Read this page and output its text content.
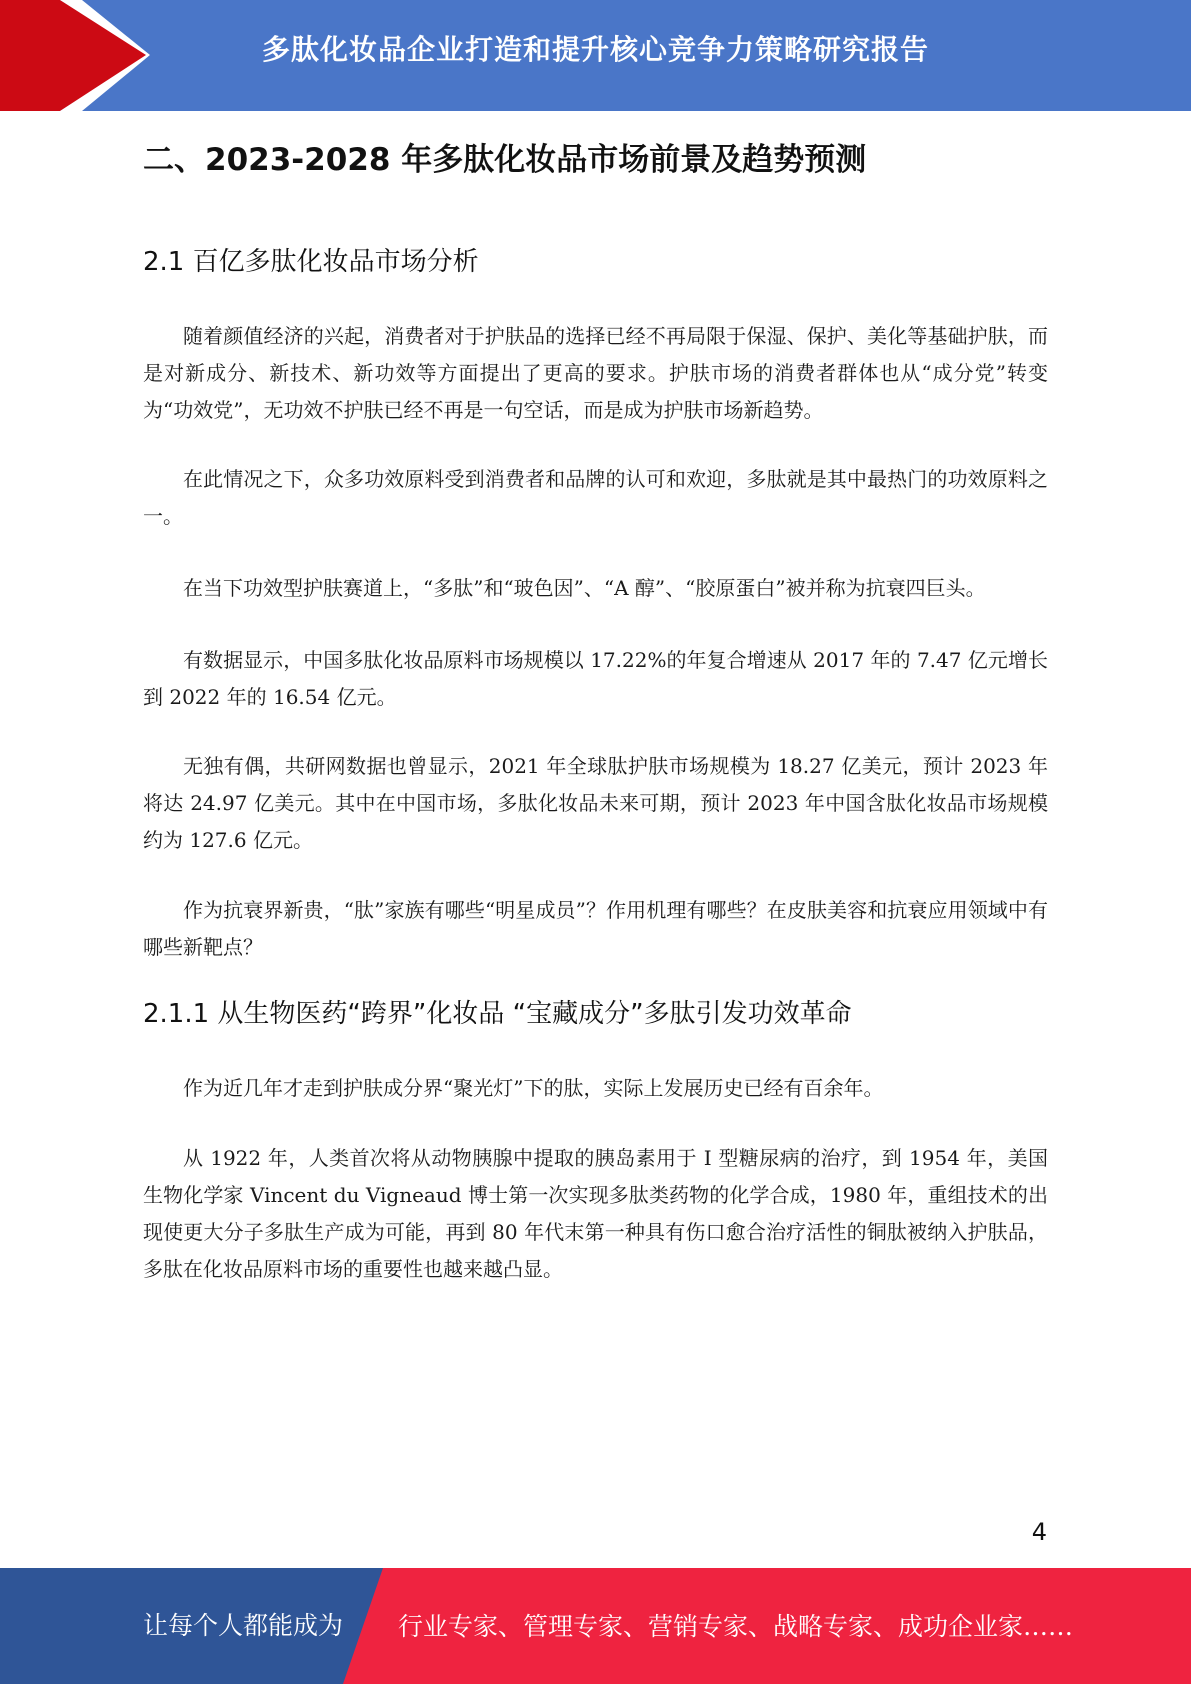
多肽化妆品企业打造和提升核心竞争力策略研究报告
二、2023-2028 年多肽化妆品市场前景及趋势预测
2.1 百亿多肽化妆品市场分析

随着颜值经济的兴起，消费者对于护肤品的选择已经不再局限于保湿、保护、美化等基础护肤，而是对新成分、新技术、新功效等方面提出了更高的要求。护肤市场的消费者群体也从“成分党”转变为“功效党”，无功效不护肤已经不再是一句空话，而是成为护肤市场新趋势。

在此情况之下，众多功效原料受到消费者和品牌的认可和欢迎，多肽就是其中最热门的功效原料之一。

在当下功效型护肤赛道上，“多肽”和“玻色因”、“A 醇”、“胶原蛋白”被并称为抗衰四巨头。

有数据显示，中国多肽化妆品原料市场规模以 17.22%的年复合增速从 2017 年的 7.47 亿元增长到 2022 年的 16.54 亿元。

无独有偶，共研网数据也曾显示，2021 年全球肽护肤市场规模为 18.27 亿美元，预计 2023 年将达 24.97 亿美元。其中在中国市场，多肽化妆品未来可期，预计 2023 年中国含肽化妆品市场规模约为 127.6 亿元。

作为抗衰界新贵，“肽”家族有哪些“明星成员”？作用机理有哪些？在皮肤美容和抗衰应用领域中有哪些新靶点？

2.1.1 从生物医药“跨界”化妆品 “宝藏成分”多肽引发功效革命

作为近几年才走到护肤成分界“聚光灯”下的肽，实际上发展历史已经有百余年。

从 1922 年，人类首次将从动物胰腺中提取的胰岛素用于 I 型糖尿病的治疗，到 1954 年，美国生物化学家 Vincent du Vigneaud 博士第一次实现多肽类药物的化学合成，1980 年，重组技术的出现使更大分子多肽生产成为可能，再到 80 年代末第一种具有伤口愈合治疗活性的铜肽被纳入护肤品，多肽在化妆品原料市场的重要性也越来越凸显。

4
让每个人都能成为 行业专家、管理专家、营销专家、战略专家、成功企业家……
